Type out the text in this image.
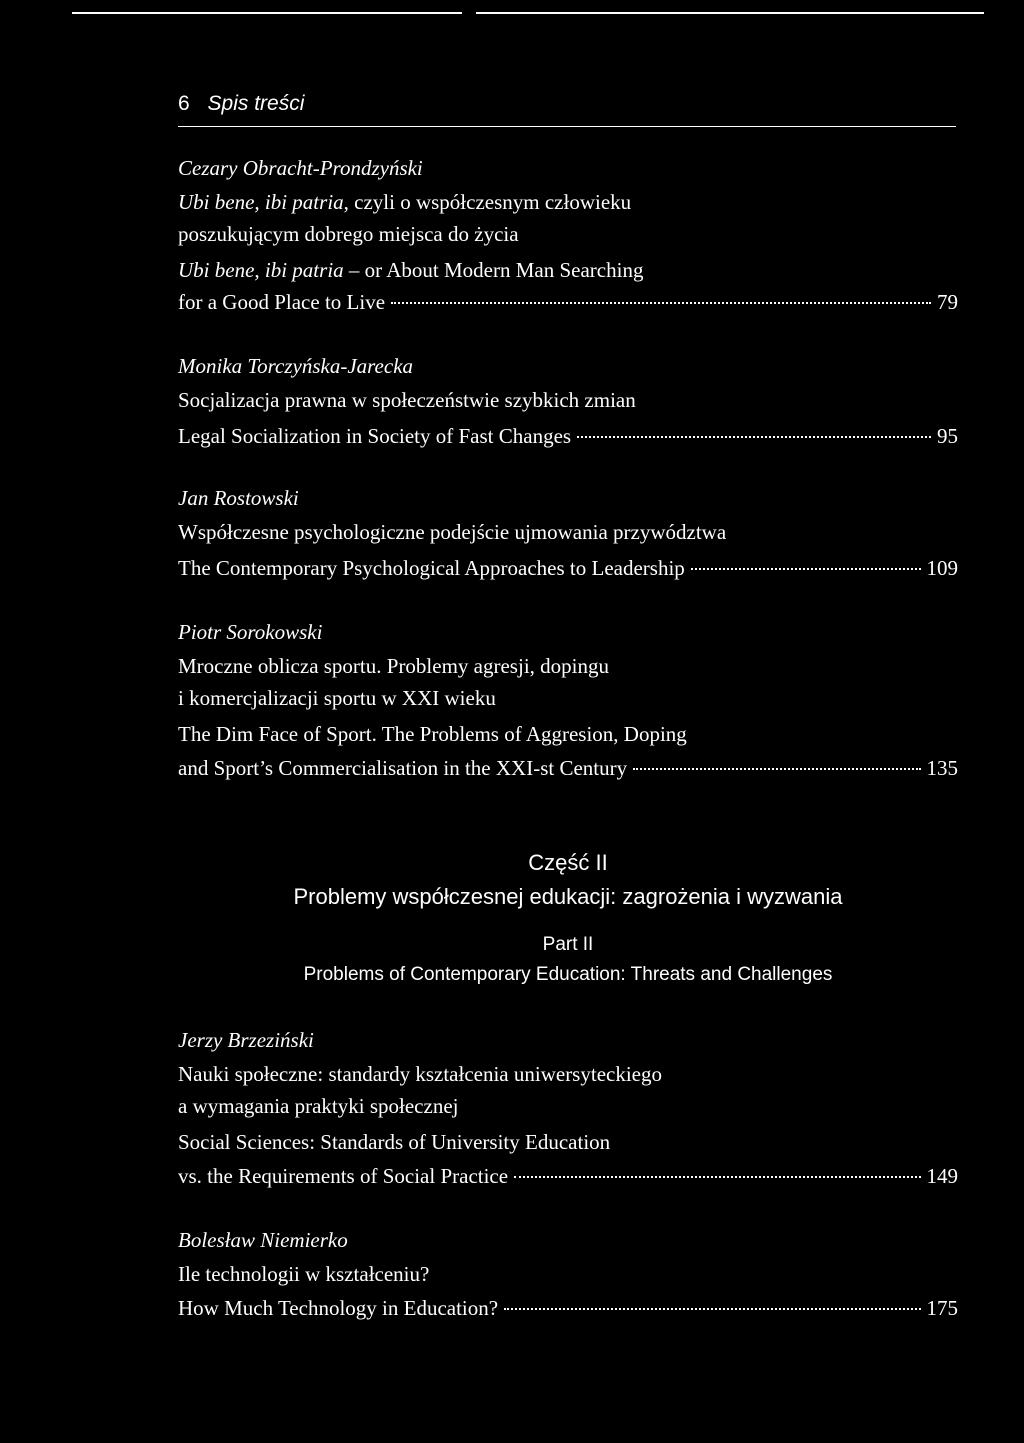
6 Spis treści
Cezary Obracht-Prondzyński
Ubi bene, ibi patria, czyli o współczesnym człowieku
poszukującym dobrego miejsca do życia
Ubi bene, ibi patria – or About Modern Man Searching
for a Good Place to Live	79
Monika Torczyńska-Jarecka
Socjalizacja prawna w społeczeństwie szybkich zmian
Legal Socialization in Society of Fast Changes	95
Jan Rostowski
Współczesne psychologiczne podejście ujmowania przywództwa
The Contemporary Psychological Approaches to Leadership	109
Piotr Sorokowski
Mroczne oblicza sportu. Problemy agresji, dopingu
i komercjalizacji sportu w XXI wieku
The Dim Face of Sport. The Problems of Aggresion, Doping
and Sport’s Commercialisation in the XXI-st Century	135
Część II
Problemy współczesnej edukacji: zagrożenia i wyzwania
Part II
Problems of Contemporary Education: Threats and Challenges
Jerzy Brzeziński
Nauki społeczne: standardy kształcenia uniwersyteckiego
a wymagania praktyki społecznej
Social Sciences: Standards of University Education
vs. the Requirements of Social Practice	149
Bolesław Niemierko
Ile technologii w kształceniu?
How Much Technology in Education?	175
